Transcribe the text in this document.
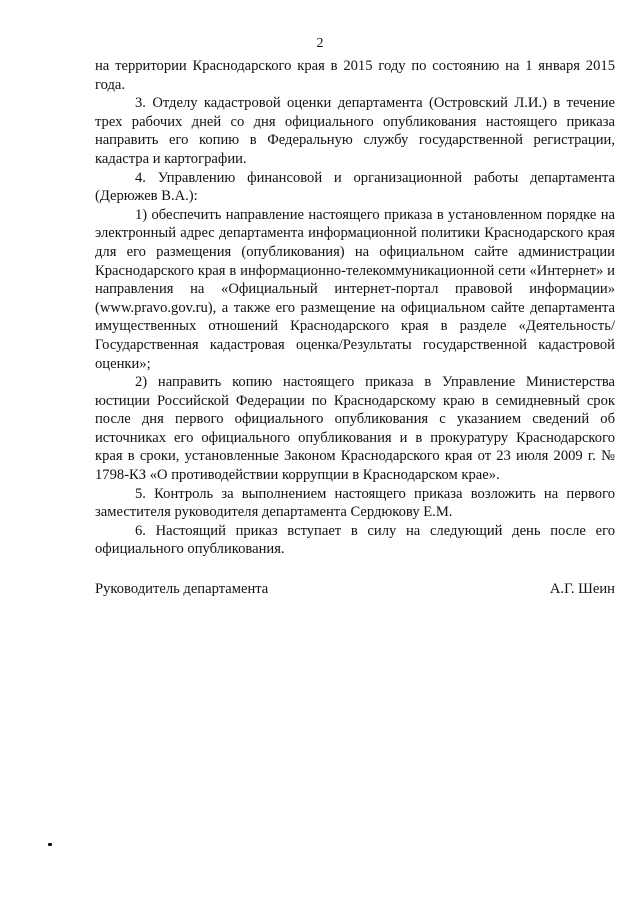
2

на территории Краснодарского края в 2015 году по состоянию на 1 января 2015 года.

3. Отделу кадастровой оценки департамента (Островский Л.И.) в течение трех рабочих дней со дня официального опубликования настоящего приказа направить его копию в Федеральную службу государственной регистрации, кадастра и картографии.

4. Управлению финансовой и организационной работы департамента (Дерюжев В.А.):

1) обеспечить направление настоящего приказа в установленном порядке на электронный адрес департамента информационной политики Краснодарского края для его размещения (опубликования) на официальном сайте администрации Краснодарского края в информационно-телекоммуникационной сети «Интернет» и направления на «Официальный интернет-портал правовой информации» (www.pravo.gov.ru), а также его размещение на официальном сайте департамента имущественных отношений Краснодарского края в разделе «Деятельность/Государственная кадастровая оценка/Результаты государственной кадастровой оценки»;

2) направить копию настоящего приказа в Управление Министерства юстиции Российской Федерации по Краснодарскому краю в семидневный срок после дня первого официального опубликования с указанием сведений об источниках его официального опубликования и в прокуратуру Краснодарского края в сроки, установленные Законом Краснодарского края от 23 июля 2009 г. № 1798-КЗ «О противодействии коррупции в Краснодарском крае».

5. Контроль за выполнением настоящего приказа возложить на первого заместителя руководителя департамента Сердюкову Е.М.

6. Настоящий приказ вступает в силу на следующий день после его официального опубликования.

Руководитель департамента	А.Г. Шеин
